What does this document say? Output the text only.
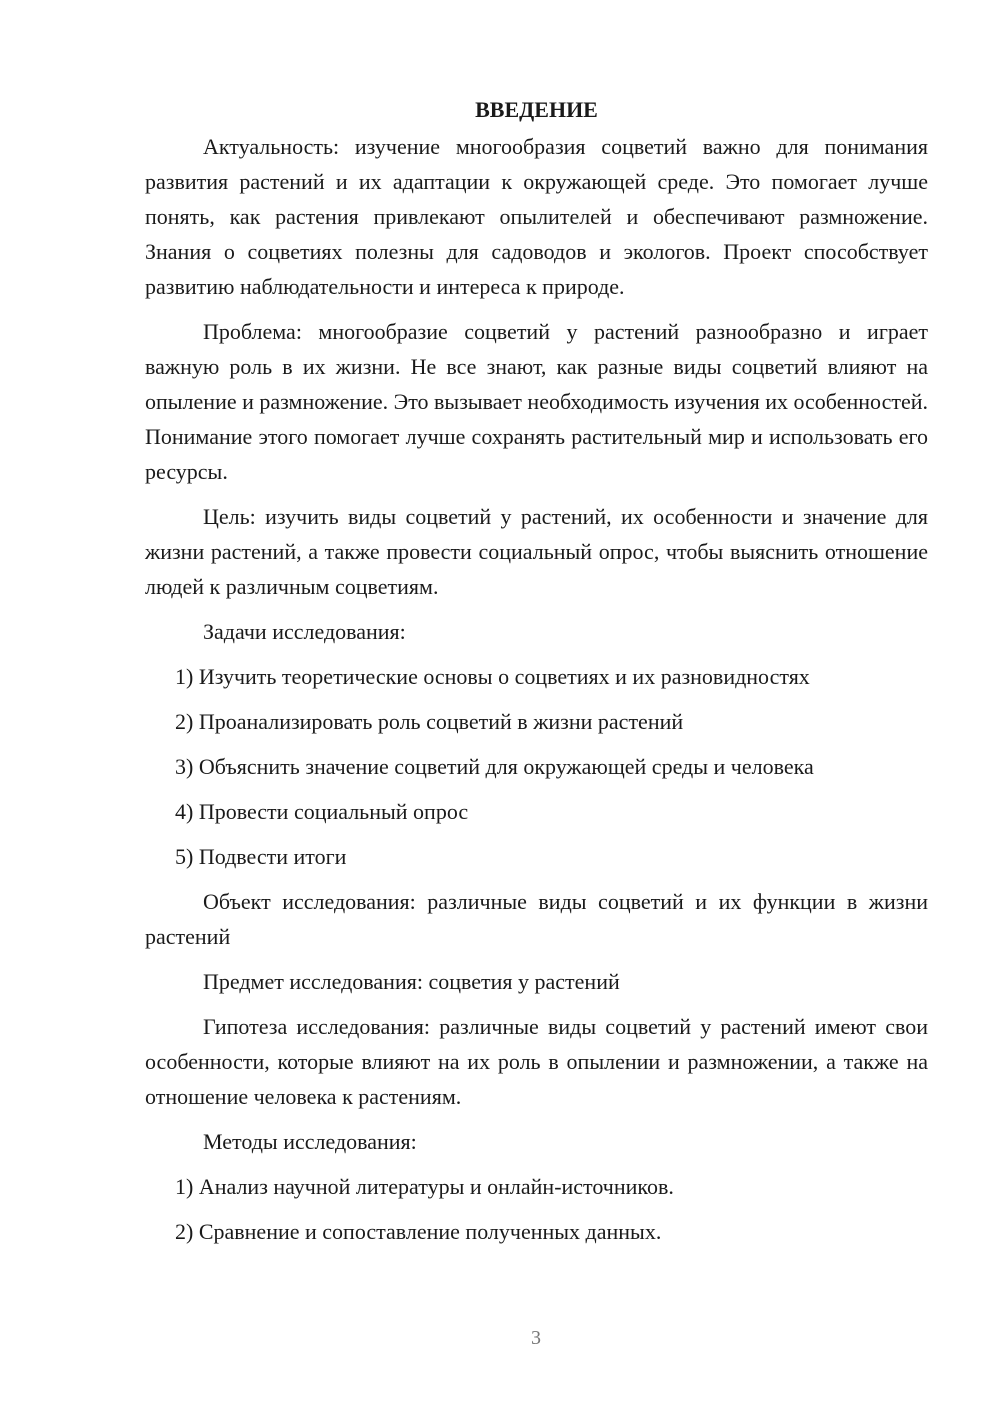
ВВЕДЕНИЕ

Актуальность: изучение многообразия соцветий важно для понимания развития растений и их адаптации к окружающей среде. Это помогает лучше понять, как растения привлекают опылителей и обеспечивают размножение. Знания о соцветиях полезны для садоводов и экологов. Проект способствует развитию наблюдательности и интереса к природе.

Проблема: многообразие соцветий у растений разнообразно и играет важную роль в их жизни. Не все знают, как разные виды соцветий влияют на опыление и размножение. Это вызывает необходимость изучения их особенностей. Понимание этого помогает лучше сохранять растительный мир и использовать его ресурсы.

Цель: изучить виды соцветий у растений, их особенности и значение для жизни растений, а также провести социальный опрос, чтобы выяснить отношение людей к различным соцветиям.

Задачи исследования:

1) Изучить теоретические основы о соцветиях и их разновидностях
2) Проанализировать роль соцветий в жизни растений
3) Объяснить значение соцветий для окружающей среды и человека
4) Провести социальный опрос
5) Подвести итоги

Объект исследования: различные виды соцветий и их функции в жизни растений

Предмет исследования: соцветия у растений

Гипотеза исследования: различные виды соцветий у растений имеют свои особенности, которые влияют на их роль в опылении и размножении, а также на отношение человека к растениям.

Методы исследования:

1) Анализ научной литературы и онлайн-источников.
2) Сравнение и сопоставление полученных данных.
3
